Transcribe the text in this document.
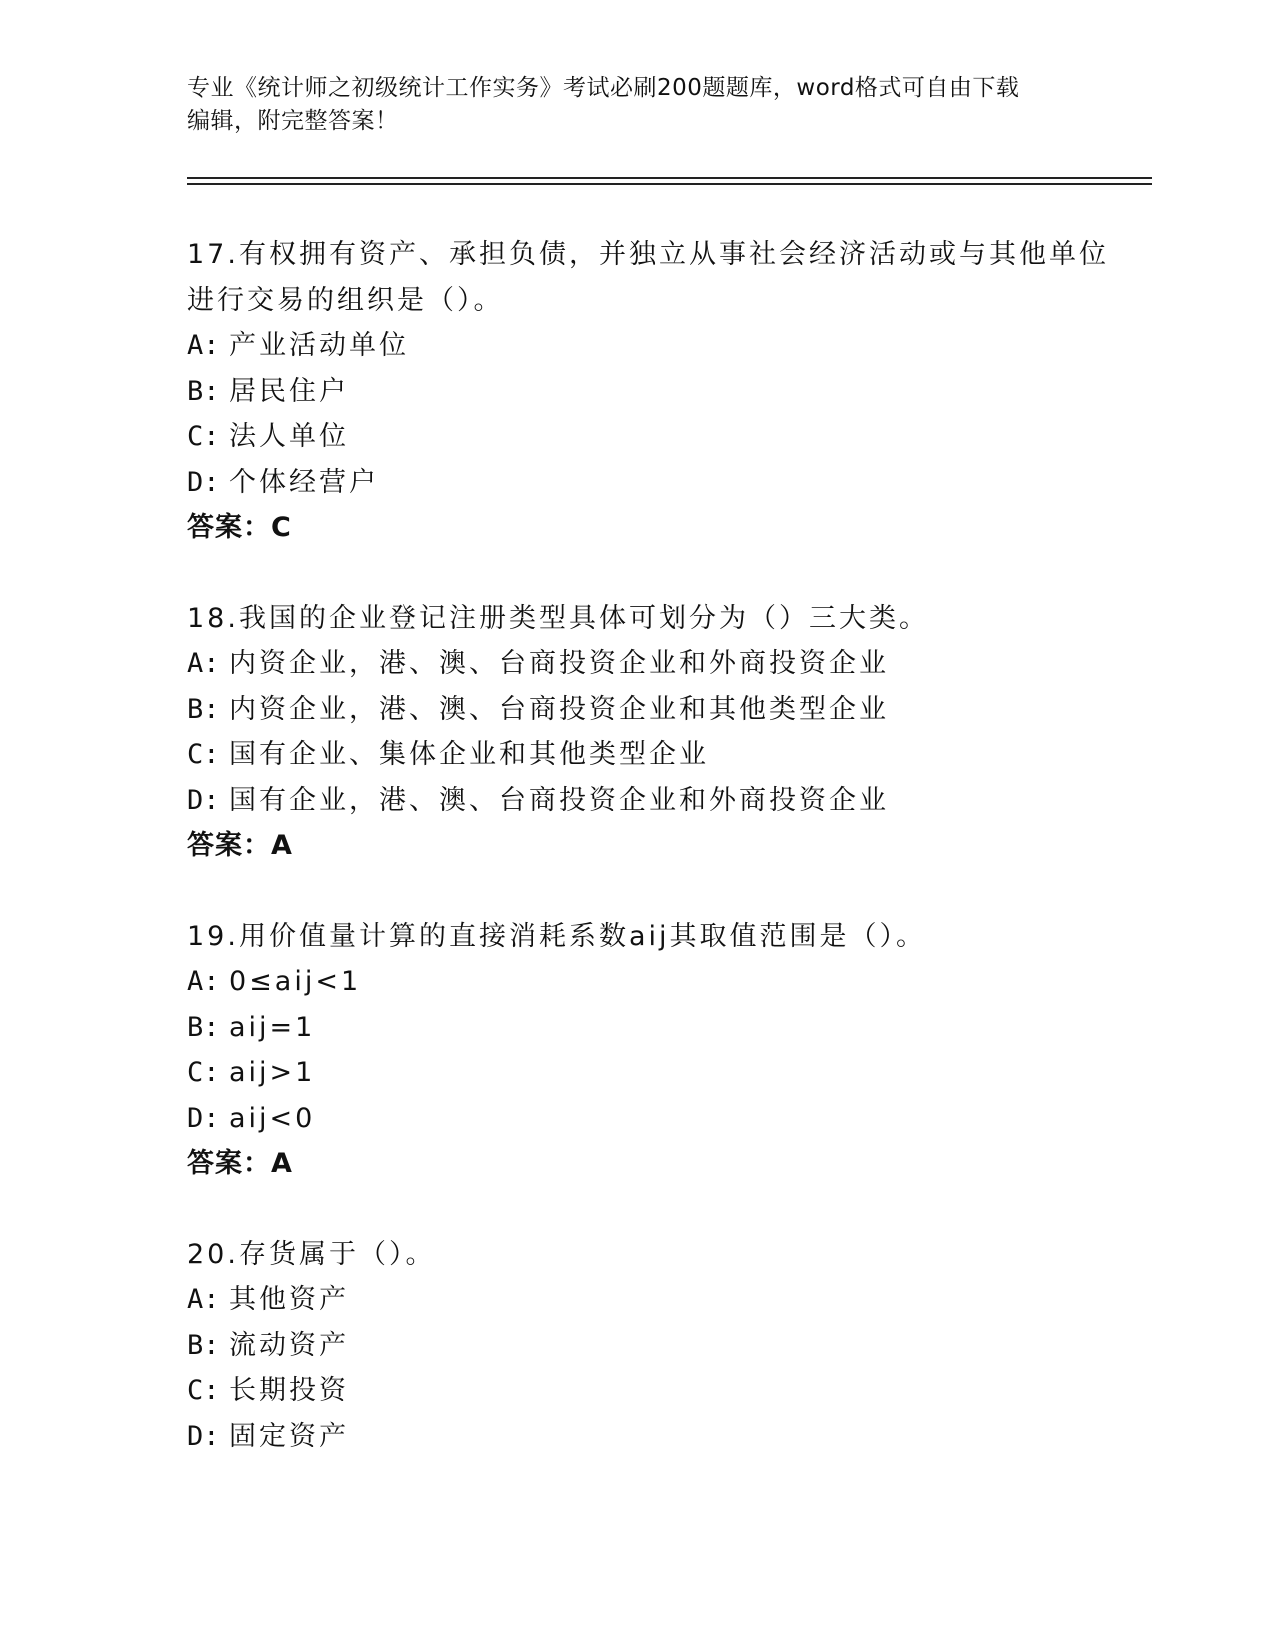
专业《统计师之初级统计工作实务》考试必刷200题题库，word格式可自由下载
编辑，附完整答案！
17.有权拥有资产、承担负债，并独立从事社会经济活动或与其他单位
进行交易的组织是（）。
A: 产业活动单位
B: 居民住户
C: 法人单位
D: 个体经营户
答案：C
18.我国的企业登记注册类型具体可划分为（）三大类。
A: 内资企业，港、澳、台商投资企业和外商投资企业
B: 内资企业，港、澳、台商投资企业和其他类型企业
C: 国有企业、集体企业和其他类型企业
D: 国有企业，港、澳、台商投资企业和外商投资企业
答案：A
19.用价值量计算的直接消耗系数aij其取值范围是（）。
A: 0≤aij<1
B: aij=1
C: aij>1
D: aij<0
答案：A
20.存货属于（）。
A: 其他资产
B: 流动资产
C: 长期投资
D: 固定资产
